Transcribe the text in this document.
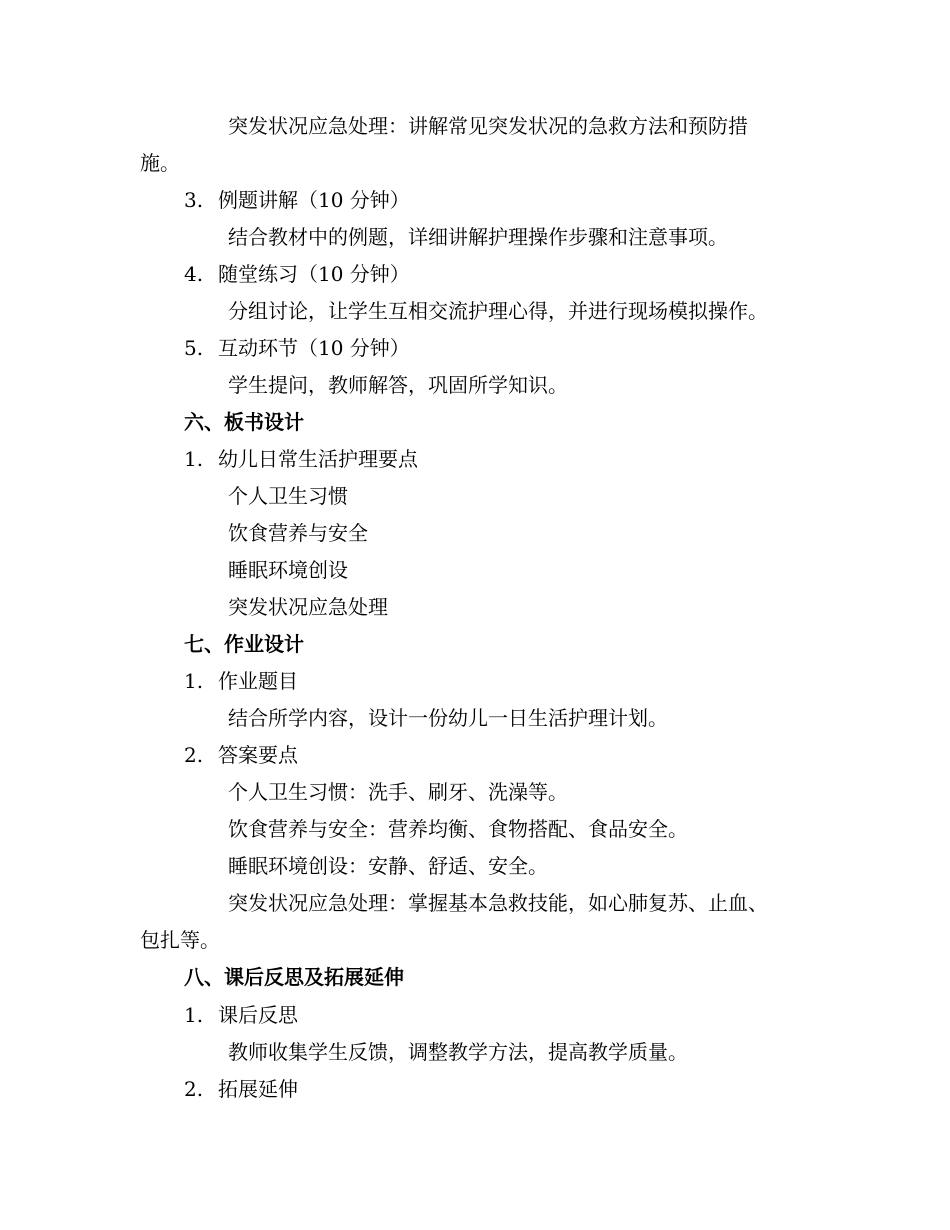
突发状况应急处理：讲解常见突发状况的急救方法和预防措
施。
3. 例题讲解（10 分钟）
结合教材中的例题，详细讲解护理操作步骤和注意事项。
4. 随堂练习（10 分钟）
分组讨论，让学生互相交流护理心得，并进行现场模拟操作。
5. 互动环节（10 分钟）
学生提问，教师解答，巩固所学知识。
六、板书设计
1. 幼儿日常生活护理要点
个人卫生习惯
饮食营养与安全
睡眠环境创设
突发状况应急处理
七、作业设计
1. 作业题目
结合所学内容，设计一份幼儿一日生活护理计划。
2. 答案要点
个人卫生习惯：洗手、刷牙、洗澡等。
饮食营养与安全：营养均衡、食物搭配、食品安全。
睡眠环境创设：安静、舒适、安全。
突发状况应急处理：掌握基本急救技能，如心肺复苏、止血、
包扎等。
八、课后反思及拓展延伸
1. 课后反思
教师收集学生反馈，调整教学方法，提高教学质量。
2. 拓展延伸
